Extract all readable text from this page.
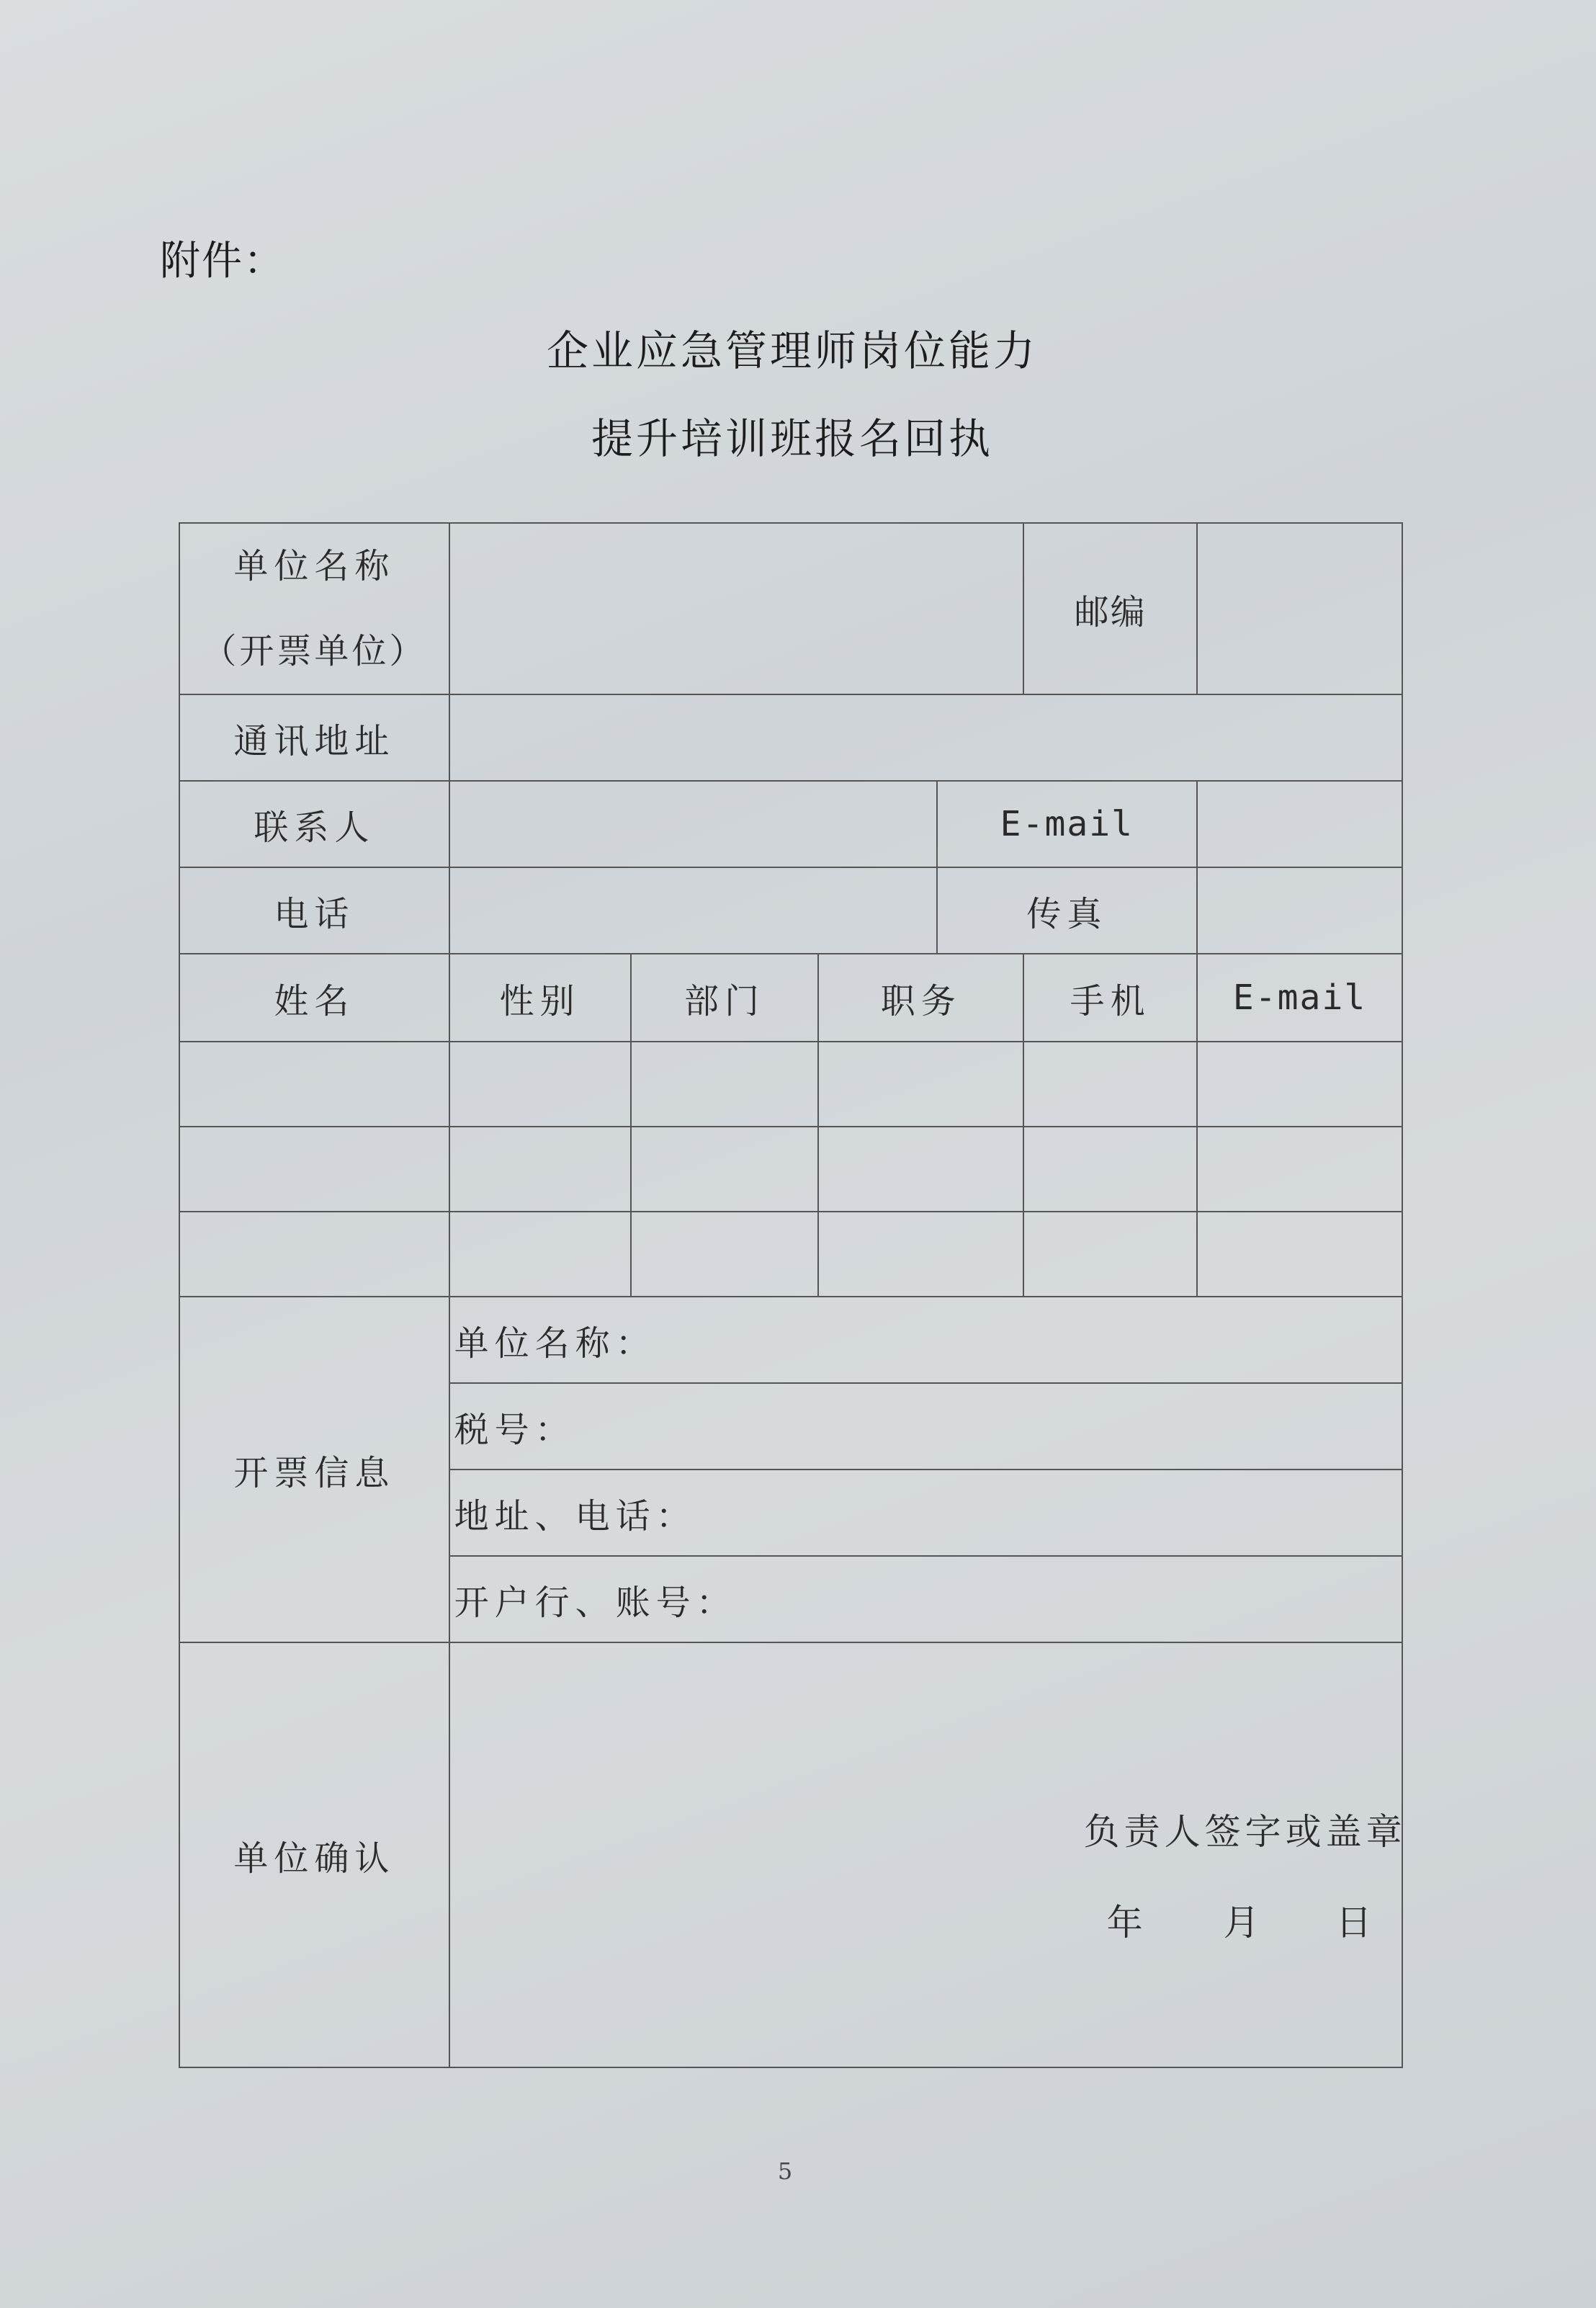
附件：
企业应急管理师岗位能力
提升培训班报名回执
单位名称
（开票单位）					邮编	
通讯地址						
联系人				E-mail		
电话				传真		
姓名	性别	部门	职务		手机	E-mail

开票信息	单位名称：					
	税号：					
	地址、电话：					
	开户行、账号：					
单位确认	负责人签字或盖章
年 月 日					
5
